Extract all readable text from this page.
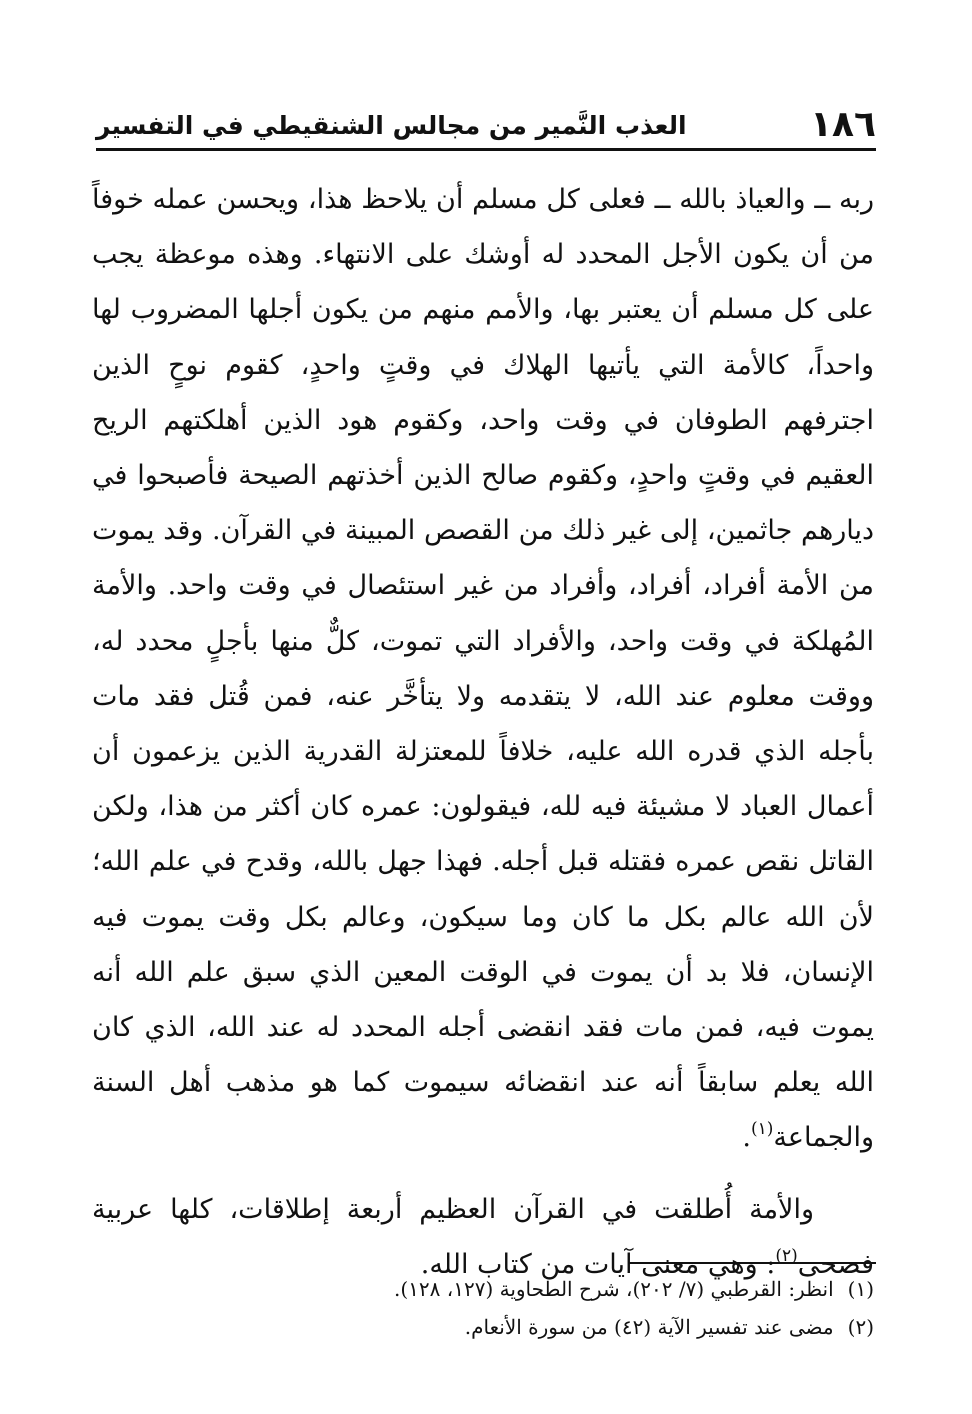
١٨٦
العذب النَّمير من مجالس الشنقيطي في التفسير

ربه ــ والعياذ بالله ــ فعلى كل مسلم أن يلاحظ هذا، ويحسن عمله خوفاً من أن يكون الأجل المحدد له أوشك على الانتهاء. وهذه موعظة يجب على كل مسلم أن يعتبر بها، والأمم منهم من يكون أجلها المضروب لها واحداً، كالأمة التي يأتيها الهلاك في وقتٍ واحدٍ، كقوم نوحٍ الذين اجترفهم الطوفان في وقت واحد، وكقوم هود الذين أهلكتهم الريح العقيم في وقتٍ واحدٍ، وكقوم صالح الذين أخذتهم الصيحة فأصبحوا في ديارهم جاثمين، إلى غير ذلك من القصص المبينة في القرآن. وقد يموت من الأمة أفراد، أفراد، وأفراد من غير استئصال في وقت واحد. والأمة المُهلكة في وقت واحد، والأفراد التي تموت، كلٌّ منها بأجلٍ محدد له، ووقت معلوم عند الله، لا يتقدمه ولا يتأخَّر عنه، فمن قُتل فقد مات بأجله الذي قدره الله عليه، خلافاً للمعتزلة القدرية الذين يزعمون أن أعمال العباد لا مشيئة فيه لله، فيقولون: عمره كان أكثر من هذا، ولكن القاتل نقص عمره فقتله قبل أجله. فهذا جهل بالله، وقدح في علم الله؛ لأن الله عالم بكل ما كان وما سيكون، وعالم بكل وقت يموت فيه الإنسان، فلا بد أن يموت في الوقت المعين الذي سبق علم الله أنه يموت فيه، فمن مات فقد انقضى أجله المحدد له عند الله، الذي كان الله يعلم سابقاً أنه عند انقضائه سيموت كما هو مذهب أهل السنة والجماعة$^{(١)}$.

والأمة أُطلقت في القرآن العظيم أربعة إطلاقات، كلها عربية فصحى$^{(٢)}$: وهي معنى آيات من كتاب الله.

(١)
انظر: القرطبي (٧/ ٢٠٢)، شرح الطحاوية (١٢٧، ١٢٨).
(٢)
مضى عند تفسير الآية (٤٢) من سورة الأنعام.
